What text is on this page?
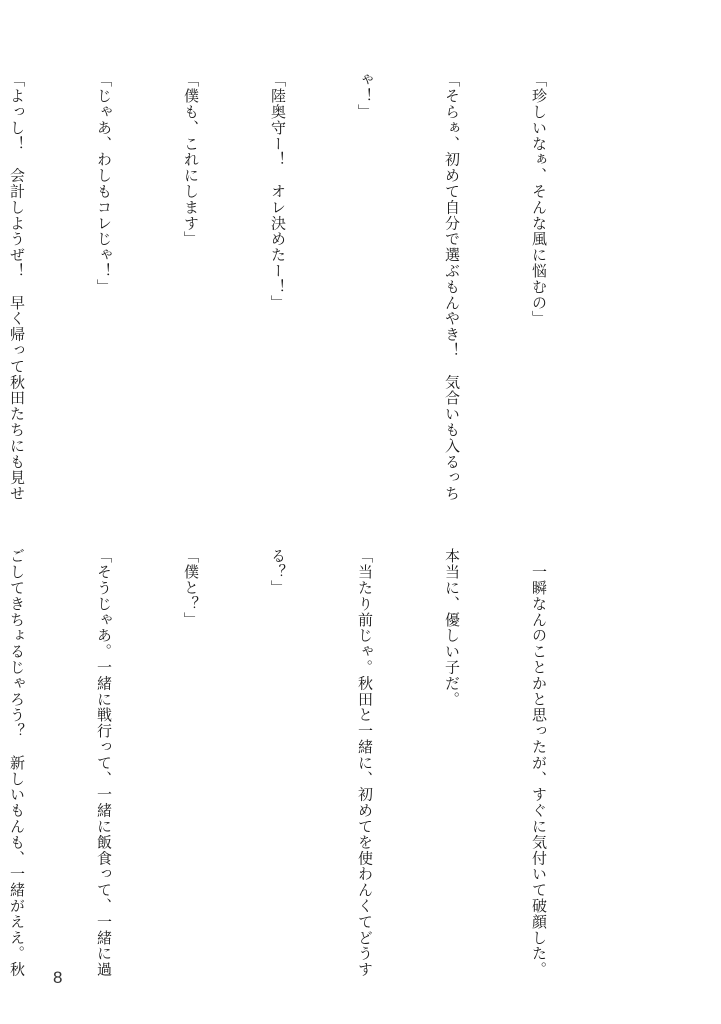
「珍しいなぁ、そんな風に悩むの」

「そらぁ、初めて自分で選ぶもんやき！　気合いも入るっち

ゃ！」

「陸奥守ー！　オレ決めたー！」

「僕も、これにします」

「じゃあ、わしもコレじゃ！」

「よっし！　会計しようぜ！　早く帰って秋田たちにも見せ

　一瞬なんのことかと思ったが、すぐに気付いて破顔した。

本当に、優しい子だ。

「当たり前じゃ。秋田と一緒に、初めてを使わんくてどうす

る？」

「僕と？」

「そうじゃあ。一緒に戦行って、一緒に飯食って、一緒に過

ごしてきちょるじゃろう？　新しいもんも、一緒がええ。秋

8
